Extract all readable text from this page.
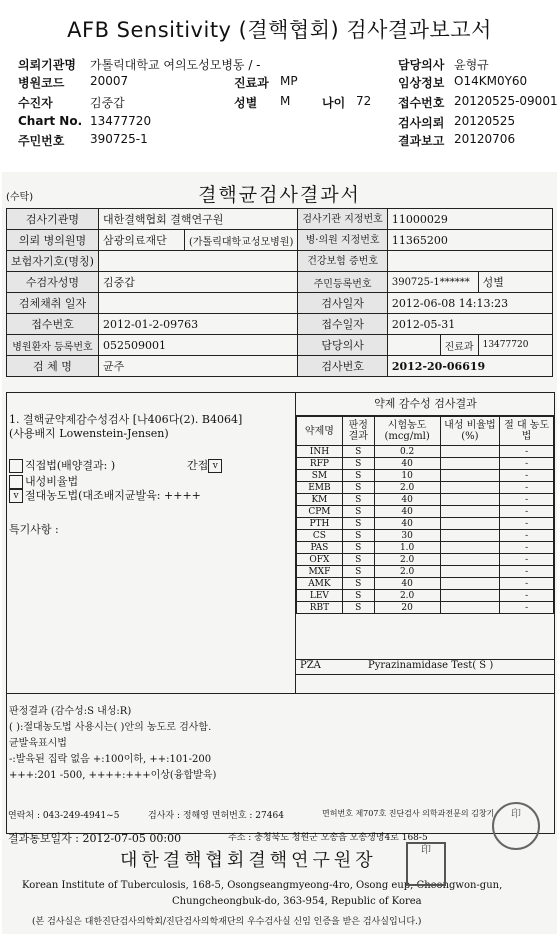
AFB Sensitivity (결핵협회) 검사결과보고서
의뢰기관명 가톨릭대학교 여의도성모병동 / -	담당의사 윤형규
병원코드 20007	진료과 MP	임상정보 O14KM0Y60
수진자	김중갑	성별 M	나이 72 접수번호 20120525-09001
Chart No. 13477720	검사의뢰 20120525
주민번호 390725-1	결과보고 20120706
(수탁)	결핵균검사결과서
검사기관명	대한결핵협회 결핵연구원		검사기관 지정번호	11000029		
의뢰 병의원명	삼광의료재단	(가톨릭대학교성모병원)	병·의원 지정번호	11365200		
보험자기호(명칭)			건강보험 증번호			
수검자성명	김중갑		주민등록번호	390725-1******		성별
검체채취 일자			검사일자	2012-06-08 14:13:23		
접수번호	2012-01-2-09763		접수일자	2012-05-31		
병원환자 등록번호	052509001		담당의사		진료과	13477720
검 체 명	균주		검사번호	2012-20-06619		
1. 결핵균약제감수성검사 [나406다(2). B4064]
(사용배지 Lowenstein-Jensen)
직접법(배양결과: )	간접 v
내성비율법
v 절대농도법(대조배지균발육: ++++
특기사항 :
약제 감수성 검사결과
약제명	판정 결과	시험농도 (mcg/ml)	내성 비율법(%)	절 대 농도법
INH	S	0.2		-
RFP	S	40		-
SM	S	10		-
EMB	S	2.0		-
KM	S	40		-
CPM	S	40		-
PTH	S	40		-
CS	S	30		-
PAS	S	1.0		-
OFX	S	2.0		-
MXF	S	2.0		-
AMK	S	40		-
LEV	S	2.0		-
RBT	S	20		-
PZA	Pyrazinamidase Test( S )
판정결과 (감수성:S 내성:R)
( ):절대농도법 사용시는( )안의 농도로 검사함.
균발육표시법
-:발육된 집락 없음 +:100이하, ++:101-200
+++:201 -500, ++++:+++이상(융합발육)
연락처 : 043-249-4941~5	검사자 : 정해영 면허번호 : 27464	면허번호 제707호 진단검사 의학과전문의 김창기
결과통보일자 : 2012-07-05 00:00	주소 : 충청북도 청원군 오송읍 오송생명4로 168-5
대한결핵협회결핵연구원장
Korean Institute of Tuberculosis, 168-5, Osongseangmyeong-4ro, Osong eup, Cheongwon-gun,
Chungcheongbuk-do, 363-954, Republic of Korea
(본 검사실은 대한진단검사의학회/진단검사의학재단의 우수검사실 신임 인증을 받은 검사실입니다.)
印
印
